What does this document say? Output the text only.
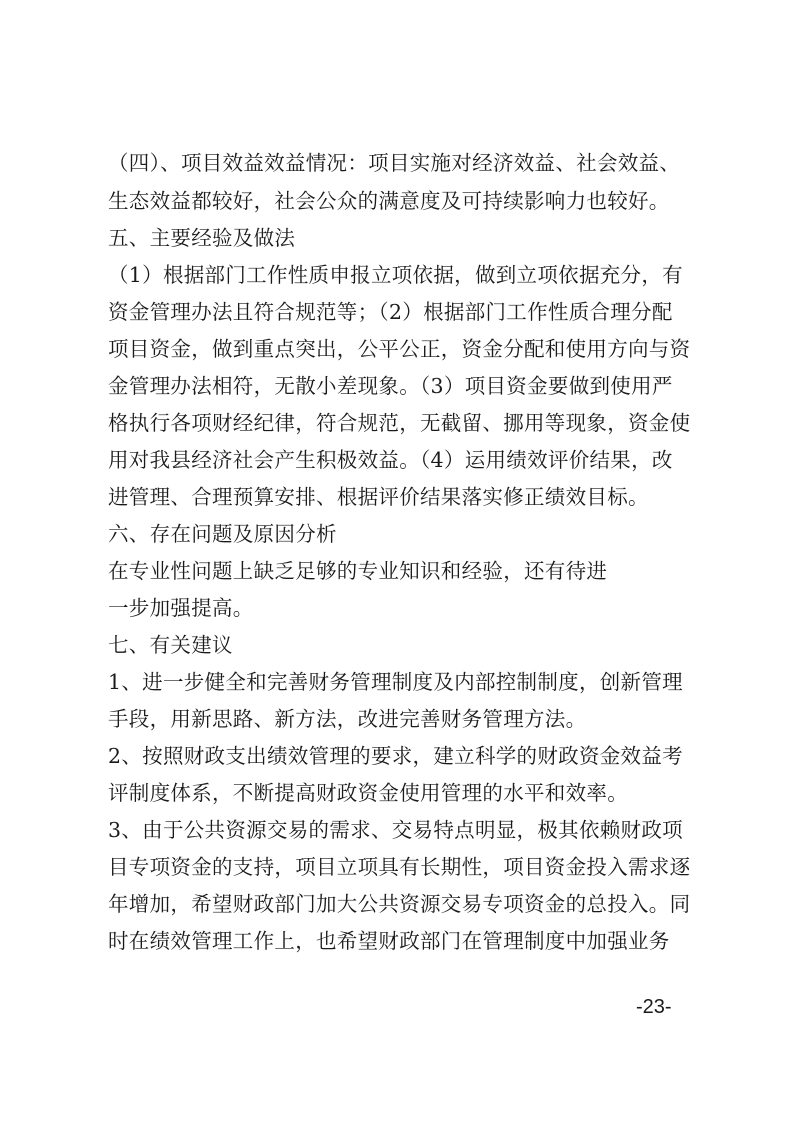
（四）、项目效益效益情况：项目实施对经济效益、社会效益、
生态效益都较好，社会公众的满意度及可持续影响力也较好。
五、主要经验及做法
（1）根据部门工作性质申报立项依据，做到立项依据充分，有
资金管理办法且符合规范等；（2）根据部门工作性质合理分配
项目资金，做到重点突出，公平公正，资金分配和使用方向与资
金管理办法相符，无散小差现象。（3）项目资金要做到使用严
格执行各项财经纪律，符合规范，无截留、挪用等现象，资金使
用对我县经济社会产生积极效益。（4）运用绩效评价结果，改
进管理、合理预算安排、根据评价结果落实修正绩效目标。
六、存在问题及原因分析
在专业性问题上缺乏足够的专业知识和经验，还有待进
一步加强提高。
七、有关建议
1、进一步健全和完善财务管理制度及内部控制制度，创新管理
手段，用新思路、新方法，改进完善财务管理方法。
2、按照财政支出绩效管理的要求，建立科学的财政资金效益考
评制度体系，不断提高财政资金使用管理的水平和效率。
3、由于公共资源交易的需求、交易特点明显，极其依赖财政项
目专项资金的支持，项目立项具有长期性，项目资金投入需求逐
年增加，希望财政部门加大公共资源交易专项资金的总投入。同
时在绩效管理工作上，也希望财政部门在管理制度中加强业务
-23-
